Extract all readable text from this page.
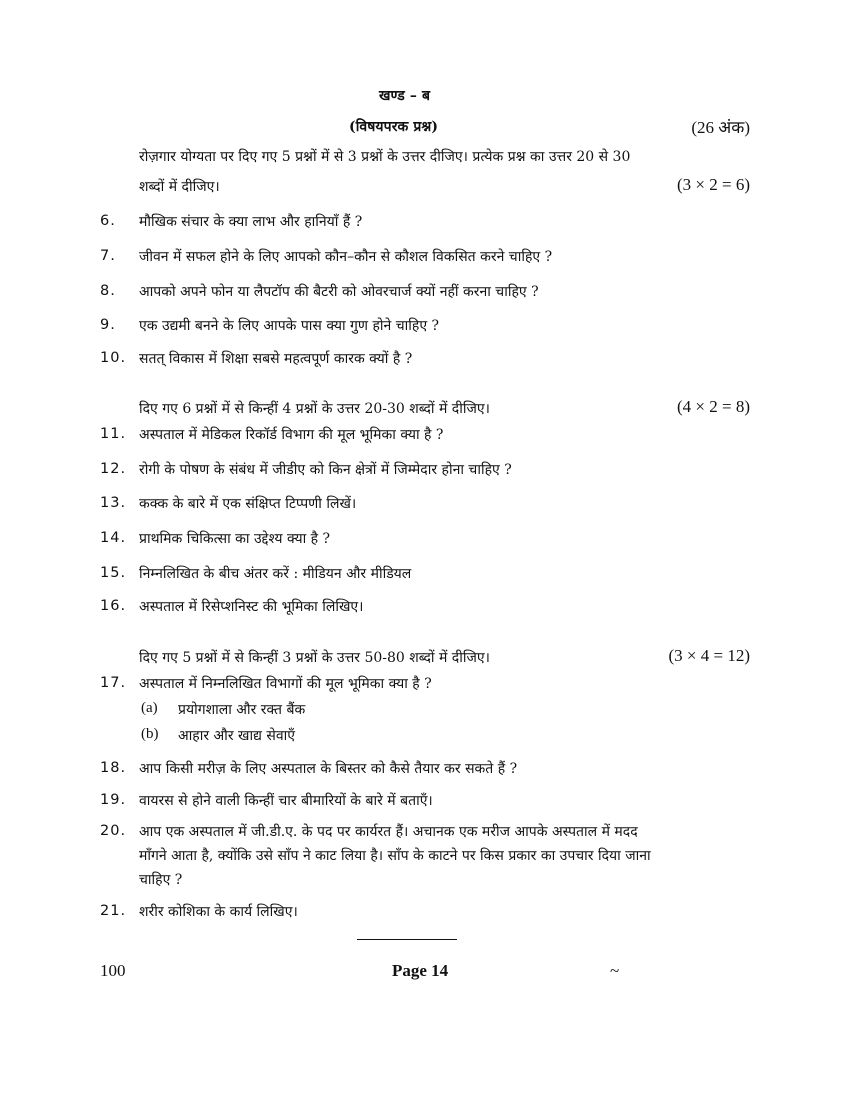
खण्ड – ब
(विषयपरक प्रश्न)	(26 अंक)
रोज़गार योग्यता पर दिए गए 5 प्रश्नों में से 3 प्रश्नों के उत्तर दीजिए। प्रत्येक प्रश्न का उत्तर 20 से 30
शब्दों में दीजिए।	(3 × 2 = 6)
6. मौखिक संचार के क्या लाभ और हानियाँ हैं ?
7. जीवन में सफल होने के लिए आपको कौन–कौन से कौशल विकसित करने चाहिए ?
8. आपको अपने फोन या लैपटॉप की बैटरी को ओवरचार्ज क्यों नहीं करना चाहिए ?
9. एक उद्यमी बनने के लिए आपके पास क्या गुण होने चाहिए ?
10. सतत् विकास में शिक्षा सबसे महत्वपूर्ण कारक क्यों है ?
दिए गए 6 प्रश्नों में से किन्हीं 4 प्रश्नों के उत्तर 20-30 शब्दों में दीजिए।	(4 × 2 = 8)
11. अस्पताल में मेडिकल रिकॉर्ड विभाग की मूल भूमिका क्या है ?
12. रोगी के पोषण के संबंध में जीडीए को किन क्षेत्रों में जिम्मेदार होना चाहिए ?
13. कक्क के बारे में एक संक्षिप्त टिप्पणी लिखें।
14. प्राथमिक चिकित्सा का उद्देश्य क्या है ?
15. निम्नलिखित के बीच अंतर करें : मीडियन और मीडियल
16. अस्पताल में रिसेप्शनिस्ट की भूमिका लिखिए।
दिए गए 5 प्रश्नों में से किन्हीं 3 प्रश्नों के उत्तर 50-80 शब्दों में दीजिए।	(3 × 4 = 12)
17. अस्पताल में निम्नलिखित विभागों की मूल भूमिका क्या है ?
(a) प्रयोगशाला और रक्त बैंक
(b) आहार और खाद्य सेवाएँ
18. आप किसी मरीज़ के लिए अस्पताल के बिस्तर को कैसे तैयार कर सकते हैं ?
19. वायरस से होने वाली किन्हीं चार बीमारियों के बारे में बताएँ।
20. आप एक अस्पताल में जी.डी.ए. के पद पर कार्यरत हैं। अचानक एक मरीज आपके अस्पताल में मदद
माँगने आता है, क्योंकि उसे साँप ने काट लिया है। साँप के काटने पर किस प्रकार का उपचार दिया जाना
चाहिए ?
21. शरीर कोशिका के कार्य लिखिए।
100	Page 14	~
